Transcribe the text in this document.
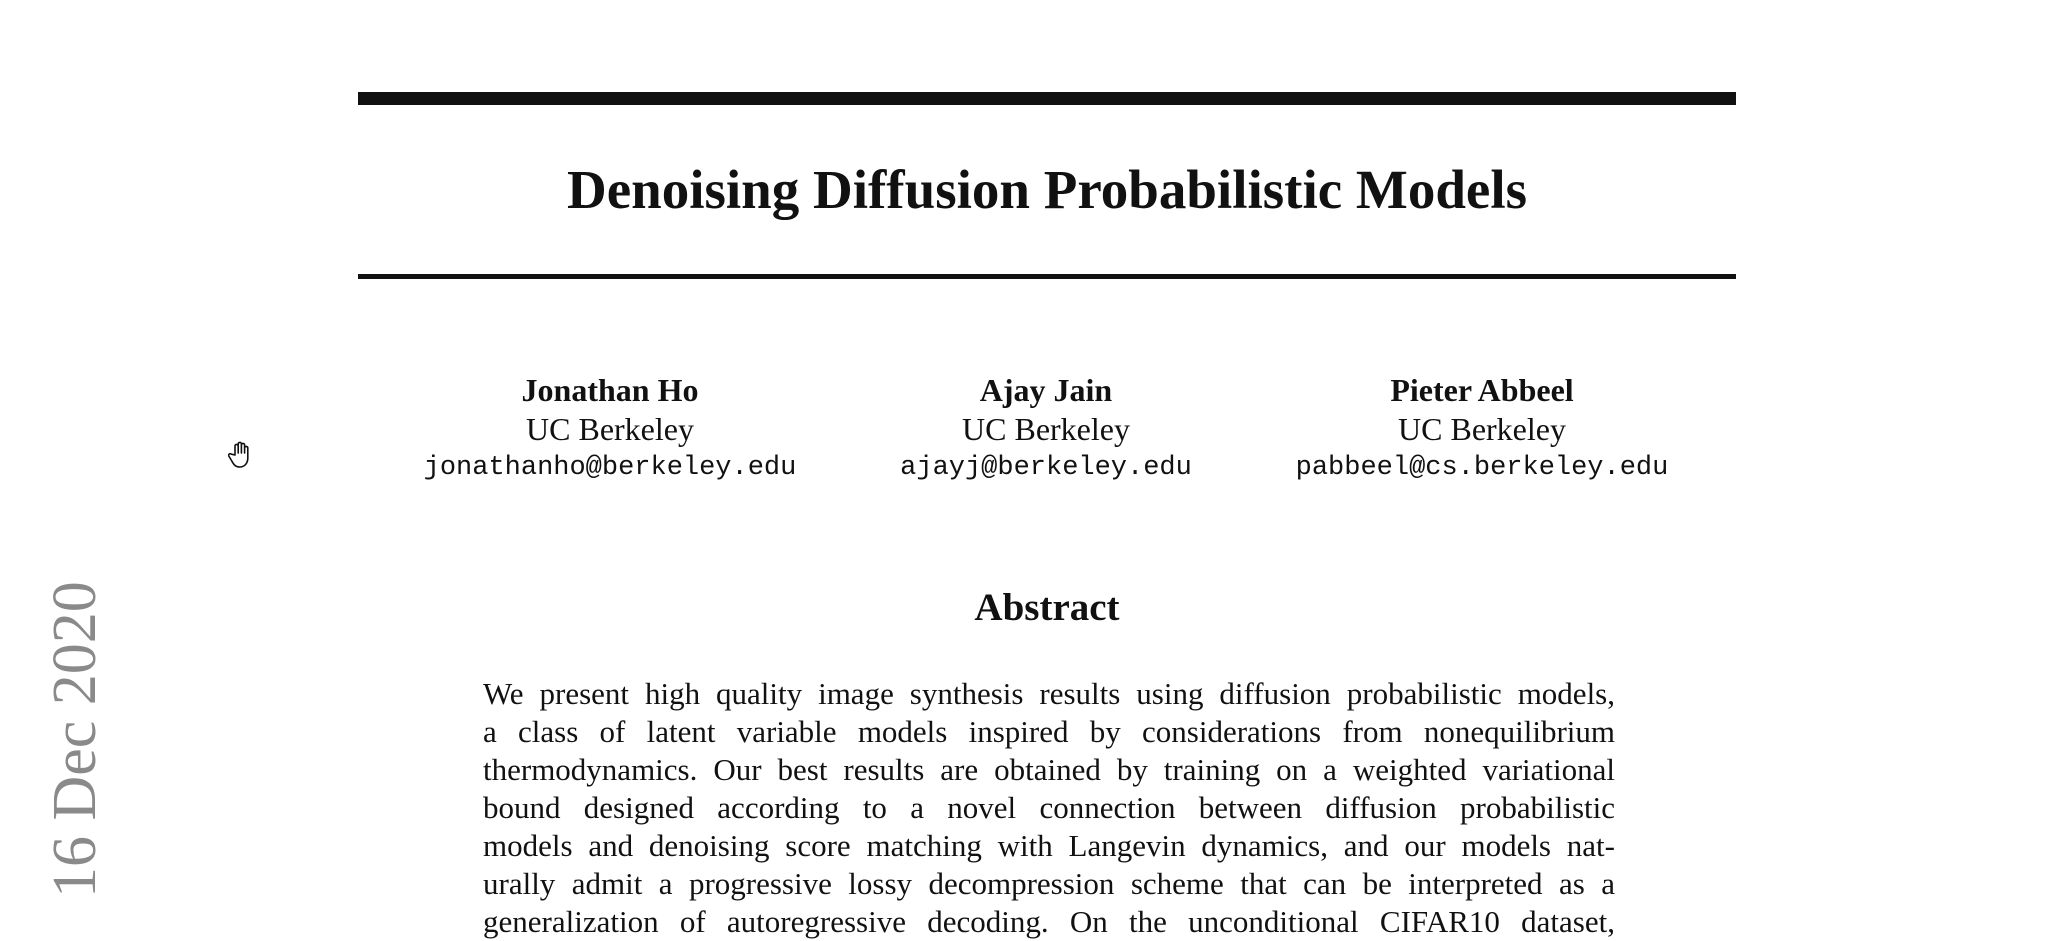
Denoising Diffusion Probabilistic Models
Jonathan Ho
UC Berkeley
jonathanho@berkeley.edu
Ajay Jain
UC Berkeley
ajayj@berkeley.edu
Pieter Abbeel
UC Berkeley
pabbeel@cs.berkeley.edu
Abstract
We present high quality image synthesis results using diffusion probabilistic models,
a class of latent variable models inspired by considerations from nonequilibrium
thermodynamics. Our best results are obtained by training on a weighted variational
bound designed according to a novel connection between diffusion probabilistic
models and denoising score matching with Langevin dynamics, and our models nat-
urally admit a progressive lossy decompression scheme that can be interpreted as a
generalization of autoregressive decoding. On the unconditional CIFAR10 dataset,
16 Dec 2020
